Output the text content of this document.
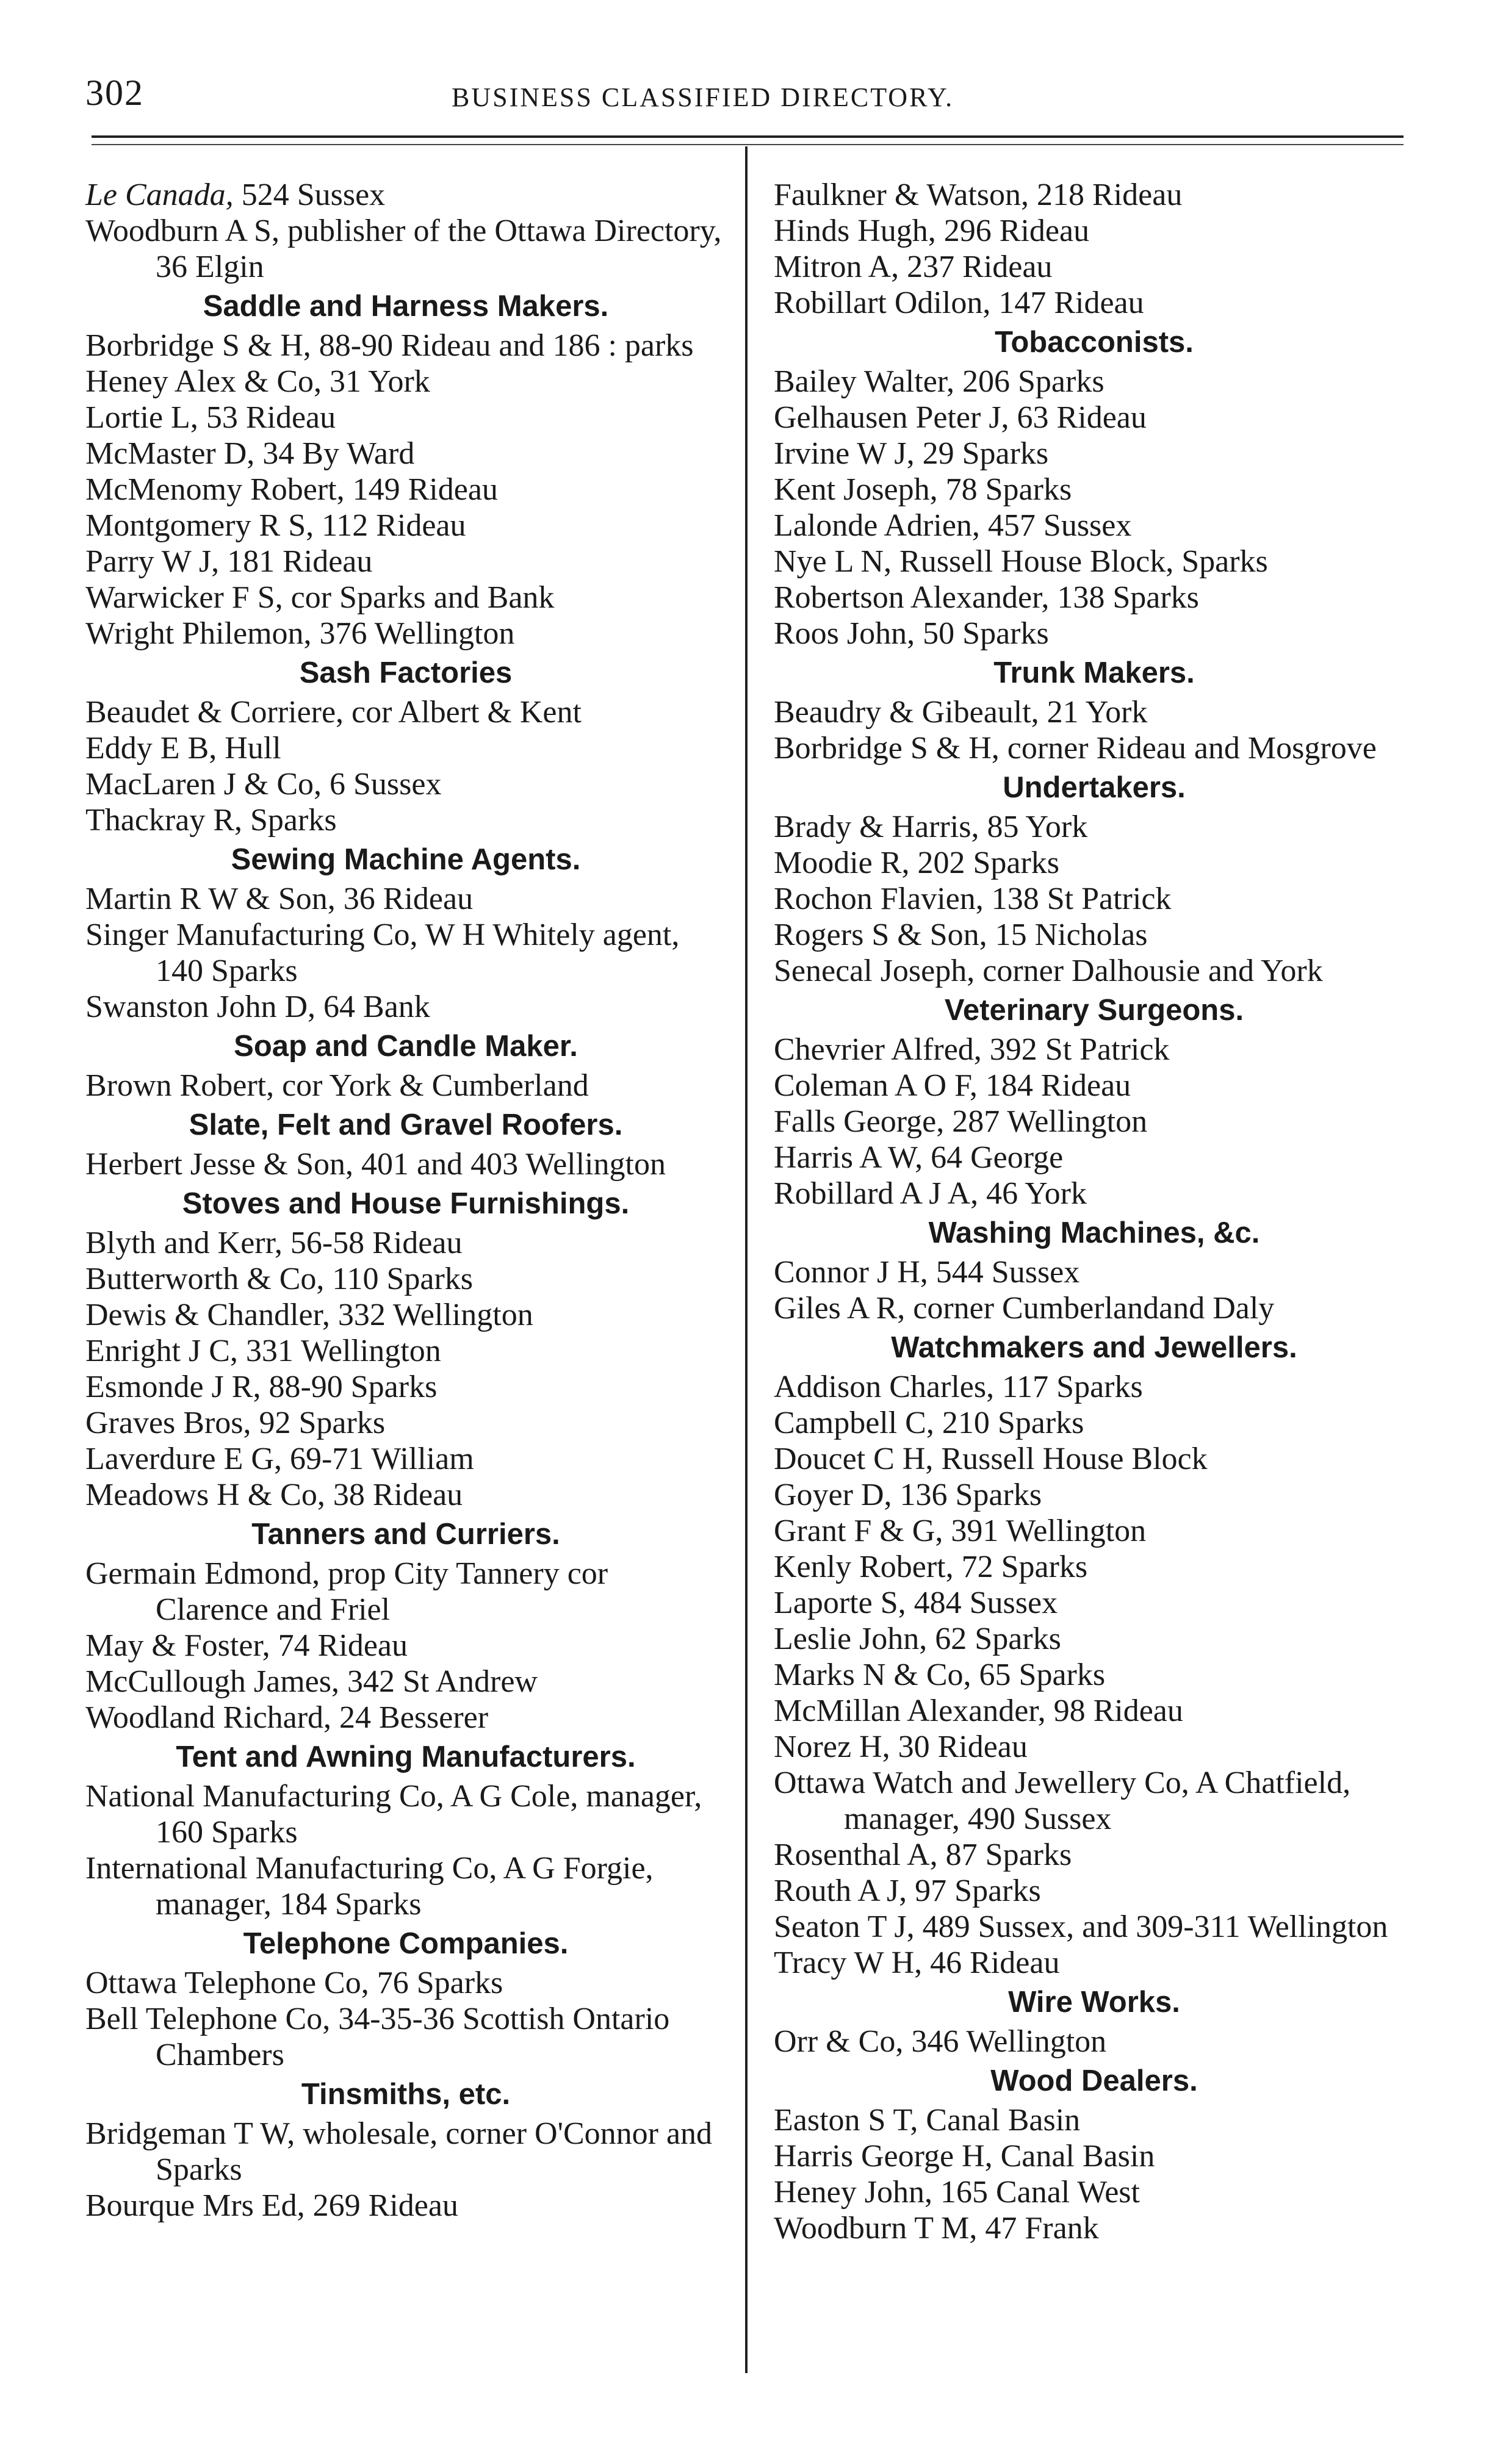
302	BUSINESS CLASSIFIED DIRECTORY.

Le Canada, 524 Sussex

Woodburn A S, publisher of the Ottawa Directory, 36 Elgin

Saddle and Harness Makers.

Borbridge S & H, 88-90 Rideau and 186 : parks

Heney Alex & Co, 31 York

Lortie L, 53 Rideau

McMaster D, 34 By Ward

McMenomy Robert, 149 Rideau

Montgomery R S, 112 Rideau

Parry W J, 181 Rideau

Warwicker F S, cor Sparks and Bank

Wright Philemon, 376 Wellington

Sash Factories

Beaudet & Corriere, cor Albert & Kent

Eddy E B, Hull

MacLaren J & Co, 6 Sussex

Thackray R, Sparks

Sewing Machine Agents.

Martin R W & Son, 36 Rideau

Singer Manufacturing Co, W H Whitely agent, 140 Sparks

Swanston John D, 64 Bank

Soap and Candle Maker.

Brown Robert, cor York & Cumberland

Slate, Felt and Gravel Roofers.

Herbert Jesse & Son, 401 and 403 Wellington

Stoves and House Furnishings.

Blyth and Kerr, 56-58 Rideau

Butterworth & Co, 110 Sparks

Dewis & Chandler, 332 Wellington

Enright J C, 331 Wellington

Esmonde J R, 88-90 Sparks

Graves Bros, 92 Sparks

Laverdure E G, 69-71 William

Meadows H & Co, 38 Rideau

Tanners and Curriers.

Germain Edmond, prop City Tannery cor Clarence and Friel

May & Foster, 74 Rideau

McCullough James, 342 St Andrew

Woodland Richard, 24 Besserer

Tent and Awning Manufacturers.

National Manufacturing Co, A G Cole, manager, 160 Sparks

International Manufacturing Co, A G Forgie, manager, 184 Sparks

Telephone Companies.

Ottawa Telephone Co, 76 Sparks

Bell Telephone Co, 34-35-36 Scottish Ontario Chambers

Tinsmiths, etc.

Bridgeman T W, wholesale, corner O'Connor and Sparks

Bourque Mrs Ed, 269 Rideau

Faulkner & Watson, 218 Rideau

Hinds Hugh, 296 Rideau

Mitron A, 237 Rideau

Robillart Odilon, 147 Rideau

Tobacconists.

Bailey Walter, 206 Sparks

Gelhausen Peter J, 63 Rideau

Irvine W J, 29 Sparks

Kent Joseph, 78 Sparks

Lalonde Adrien, 457 Sussex

Nye L N, Russell House Block, Sparks

Robertson Alexander, 138 Sparks

Roos John, 50 Sparks

Trunk Makers.

Beaudry & Gibeault, 21 York

Borbridge S & H, corner Rideau and Mosgrove

Undertakers.

Brady & Harris, 85 York

Moodie R, 202 Sparks

Rochon Flavien, 138 St Patrick

Rogers S & Son, 15 Nicholas

Senecal Joseph, corner Dalhousie and York

Veterinary Surgeons.

Chevrier Alfred, 392 St Patrick

Coleman A O F, 184 Rideau

Falls George, 287 Wellington

Harris A W, 64 George

Robillard A J A, 46 York

Washing Machines, &c.

Connor J H, 544 Sussex

Giles A R, corner Cumberlandand Daly

Watchmakers and Jewellers.

Addison Charles, 117 Sparks

Campbell C, 210 Sparks

Doucet C H, Russell House Block

Goyer D, 136 Sparks

Grant F & G, 391 Wellington

Kenly Robert, 72 Sparks

Laporte S, 484 Sussex

Leslie John, 62 Sparks

Marks N & Co, 65 Sparks

McMillan Alexander, 98 Rideau

Norez H, 30 Rideau

Ottawa Watch and Jewellery Co, A Chatfield, manager, 490 Sussex

Rosenthal A, 87 Sparks

Routh A J, 97 Sparks

Seaton T J, 489 Sussex, and 309-311 Wellington

Tracy W H, 46 Rideau

Wire Works.

Orr & Co, 346 Wellington

Wood Dealers.

Easton S T, Canal Basin

Harris George H, Canal Basin

Heney John, 165 Canal West

Woodburn T M, 47 Frank
